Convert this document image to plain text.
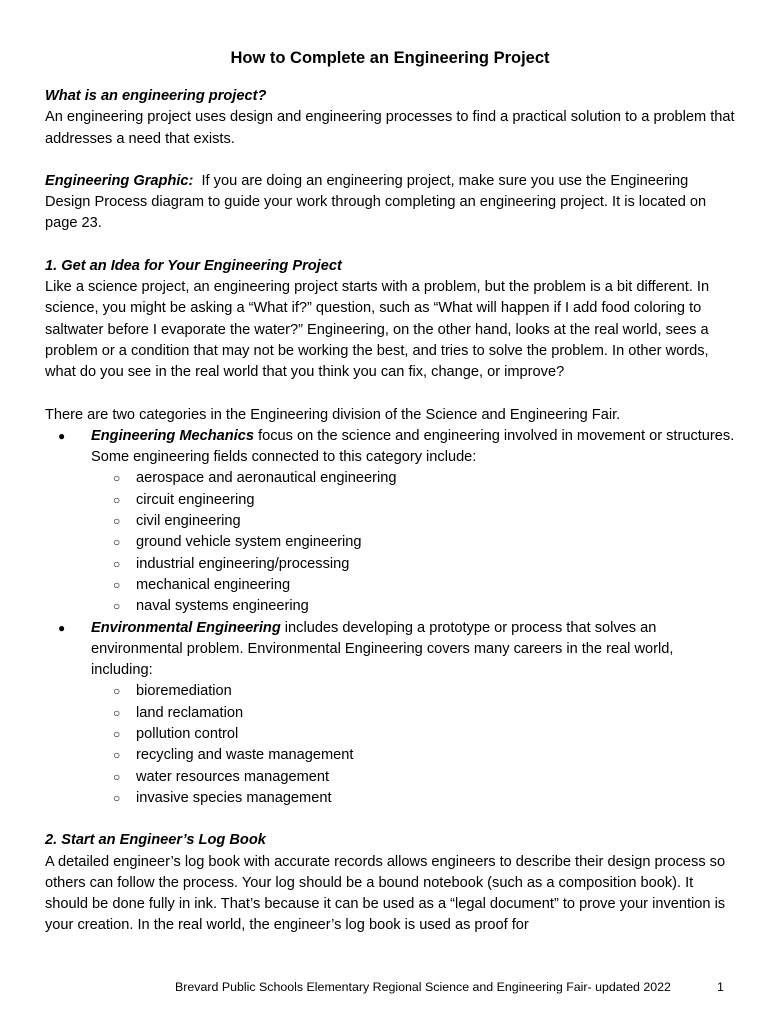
How to Complete an Engineering Project

What is an engineering project?

An engineering project uses design and engineering processes to find a practical solution to a problem that addresses a need that exists.

Engineering Graphic:  If you are doing an engineering project, make sure you use the Engineering Design Process diagram to guide your work through completing an engineering project. It is located on page 23.

1. Get an Idea for Your Engineering Project

Like a science project, an engineering project starts with a problem, but the problem is a bit different. In science, you might be asking a “What if?” question, such as “What will happen if I add food coloring to saltwater before I evaporate the water?” Engineering, on the other hand, looks at the real world, sees a problem or a condition that may not be working the best, and tries to solve the problem. In other words, what do you see in the real world that you think you can fix, change, or improve?

There are two categories in the Engineering division of the Science and Engineering Fair.

● Engineering Mechanics focus on the science and engineering involved in movement or structures. Some engineering fields connected to this category include:
○ aerospace and aeronautical engineering
○ circuit engineering
○ civil engineering
○ ground vehicle system engineering
○ industrial engineering/processing
○ mechanical engineering
○ naval systems engineering
● Environmental Engineering includes developing a prototype or process that solves an environmental problem. Environmental Engineering covers many careers in the real world, including:
○ bioremediation
○ land reclamation
○ pollution control
○ recycling and waste management
○ water resources management
○ invasive species management

2. Start an Engineer’s Log Book

A detailed engineer’s log book with accurate records allows engineers to describe their design process so others can follow the process. Your log should be a bound notebook (such as a composition book). It should be done fully in ink. That’s because it can be used as a “legal document” to prove your invention is your creation. In the real world, the engineer’s log book is used as proof for

Brevard Public Schools Elementary Regional Science and Engineering Fair- updated 2022	1
